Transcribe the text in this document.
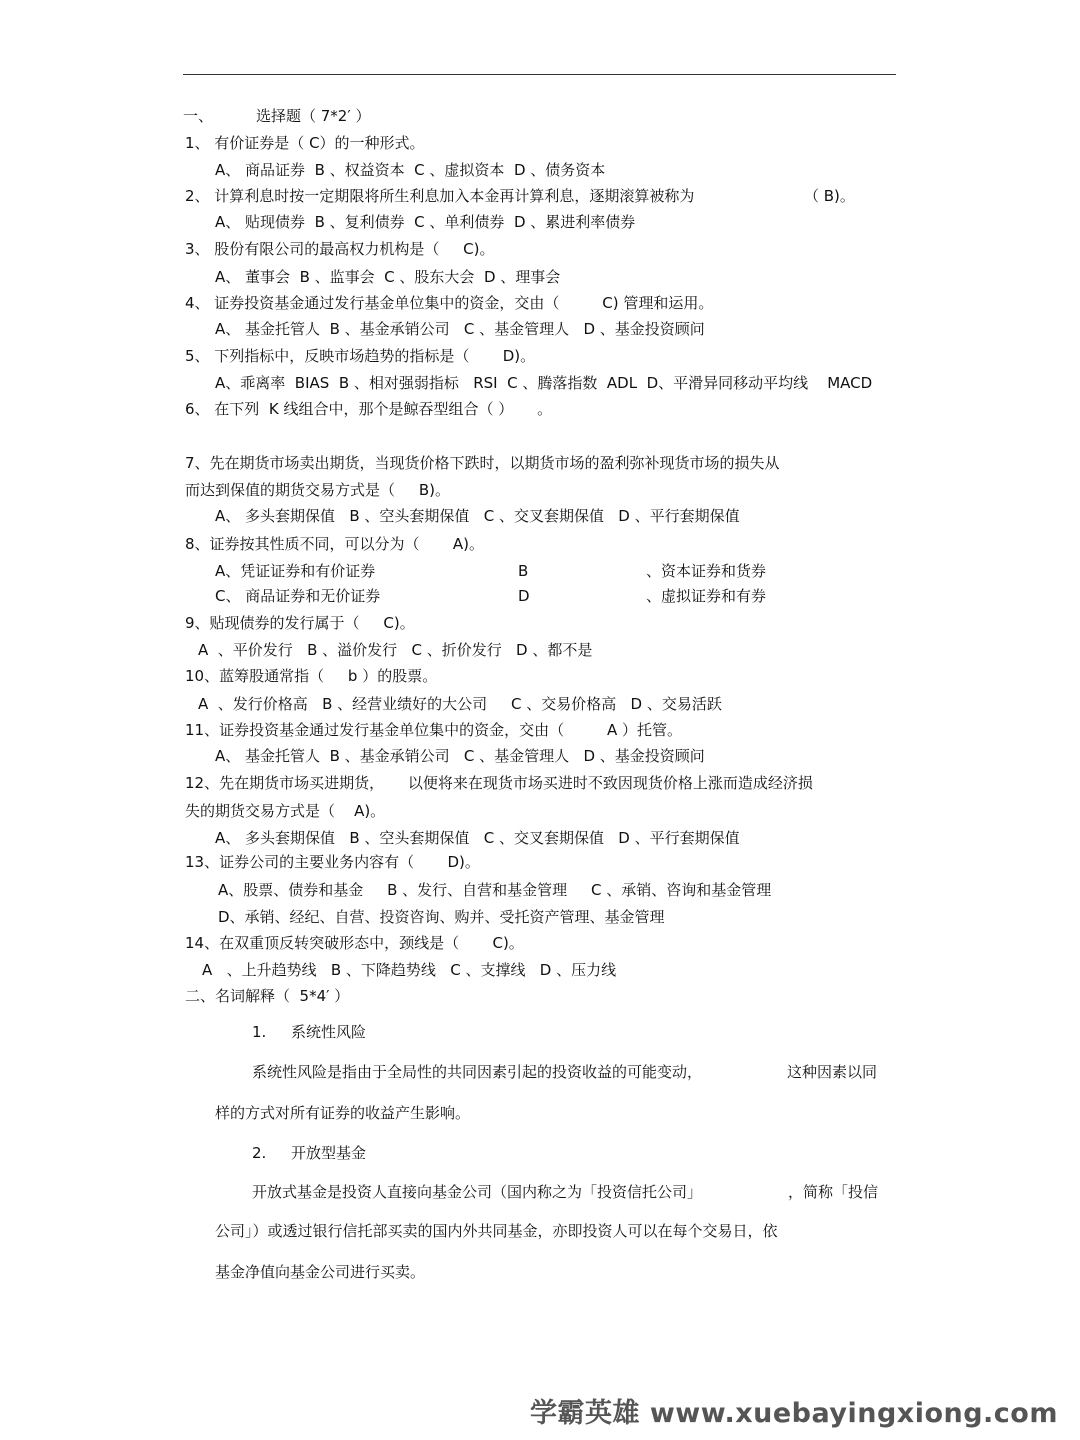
一、	选择题（ 7*2′ ）
1、 有价证券是（ C）的一种形式。
A、 商品证券  B 、权益资本  C 、虚拟资本  D 、债务资本
2、 计算利息时按一定期限将所生利息加入本金再计算利息，逐期滚算被称为	（ B)。
A、 贴现债券  B 、复利债券  C 、单利债券  D 、累进利率债券
3、 股份有限公司的最高权力机构是（     C)。
A、 董事会  B 、监事会  C 、股东大会  D 、理事会
4、 证券投资基金通过发行基金单位集中的资金，交由（         C) 管理和运用。
A、 基金托管人  B 、基金承销公司   C 、基金管理人   D 、基金投资顾问
5、 下列指标中，反映市场趋势的指标是（       D)。
A、乖离率  BIAS  B 、相对强弱指标   RSI  C 、腾落指数  ADL  D、平滑异同移动平均线    MACD
6、 在下列  K 线组合中，那个是鲸吞型组合（ ）     。
7、先在期货市场卖出期货，当现货价格下跌时，以期货市场的盈利弥补现货市场的损失从
而达到保值的期货交易方式是（     B)。
A、 多头套期保值   B 、空头套期保值   C 、交叉套期保值   D 、平行套期保值
8、证券按其性质不同，可以分为（       A)。
A、凭证证券和有价证券	B	、资本证券和货券
C、 商品证券和无价证券	D	、虚拟证券和有券
9、贴现债券的发行属于（     C)。
A  、平价发行   B 、溢价发行   C 、折价发行   D 、都不是
10、蓝筹股通常指（     b ）的股票。
A  、发行价格高   B 、经营业绩好的大公司     C 、交易价格高   D 、交易活跃
11、证券投资基金通过发行基金单位集中的资金，交由（         A ）托管。
A、 基金托管人  B 、基金承销公司   C 、基金管理人   D 、基金投资顾问
12、先在期货市场买进期货，     以便将来在现货市场买进时不致因现货价格上涨而造成经济损
失的期货交易方式是（    A)。
A、 多头套期保值   B 、空头套期保值   C 、交叉套期保值   D 、平行套期保值
13、证券公司的主要业务内容有（       D)。
A、股票、债券和基金     B 、发行、自营和基金管理     C 、承销、咨询和基金管理
D、承销、经纪、自营、投资咨询、购并、受托资产管理、基金管理
14、在双重顶反转突破形态中，颈线是（       C)。
A   、上升趋势线   B 、下降趋势线   C 、支撑线   D 、压力线
二、名词解释（  5*4′ ）
1. 系统性风险
系统性风险是指由于全局性的共同因素引起的投资收益的可能变动，	这种因素以同
样的方式对所有证券的收益产生影响。
2. 开放型基金
开放式基金是投资人直接向基金公司（国内称之为「投资信托公司」	，简称「投信
公司」）或透过银行信托部买卖的国内外共同基金，亦即投资人可以在每个交易日，依
基金净值向基金公司进行买卖。
学霸英雄 www.xuebayingxiong.com
